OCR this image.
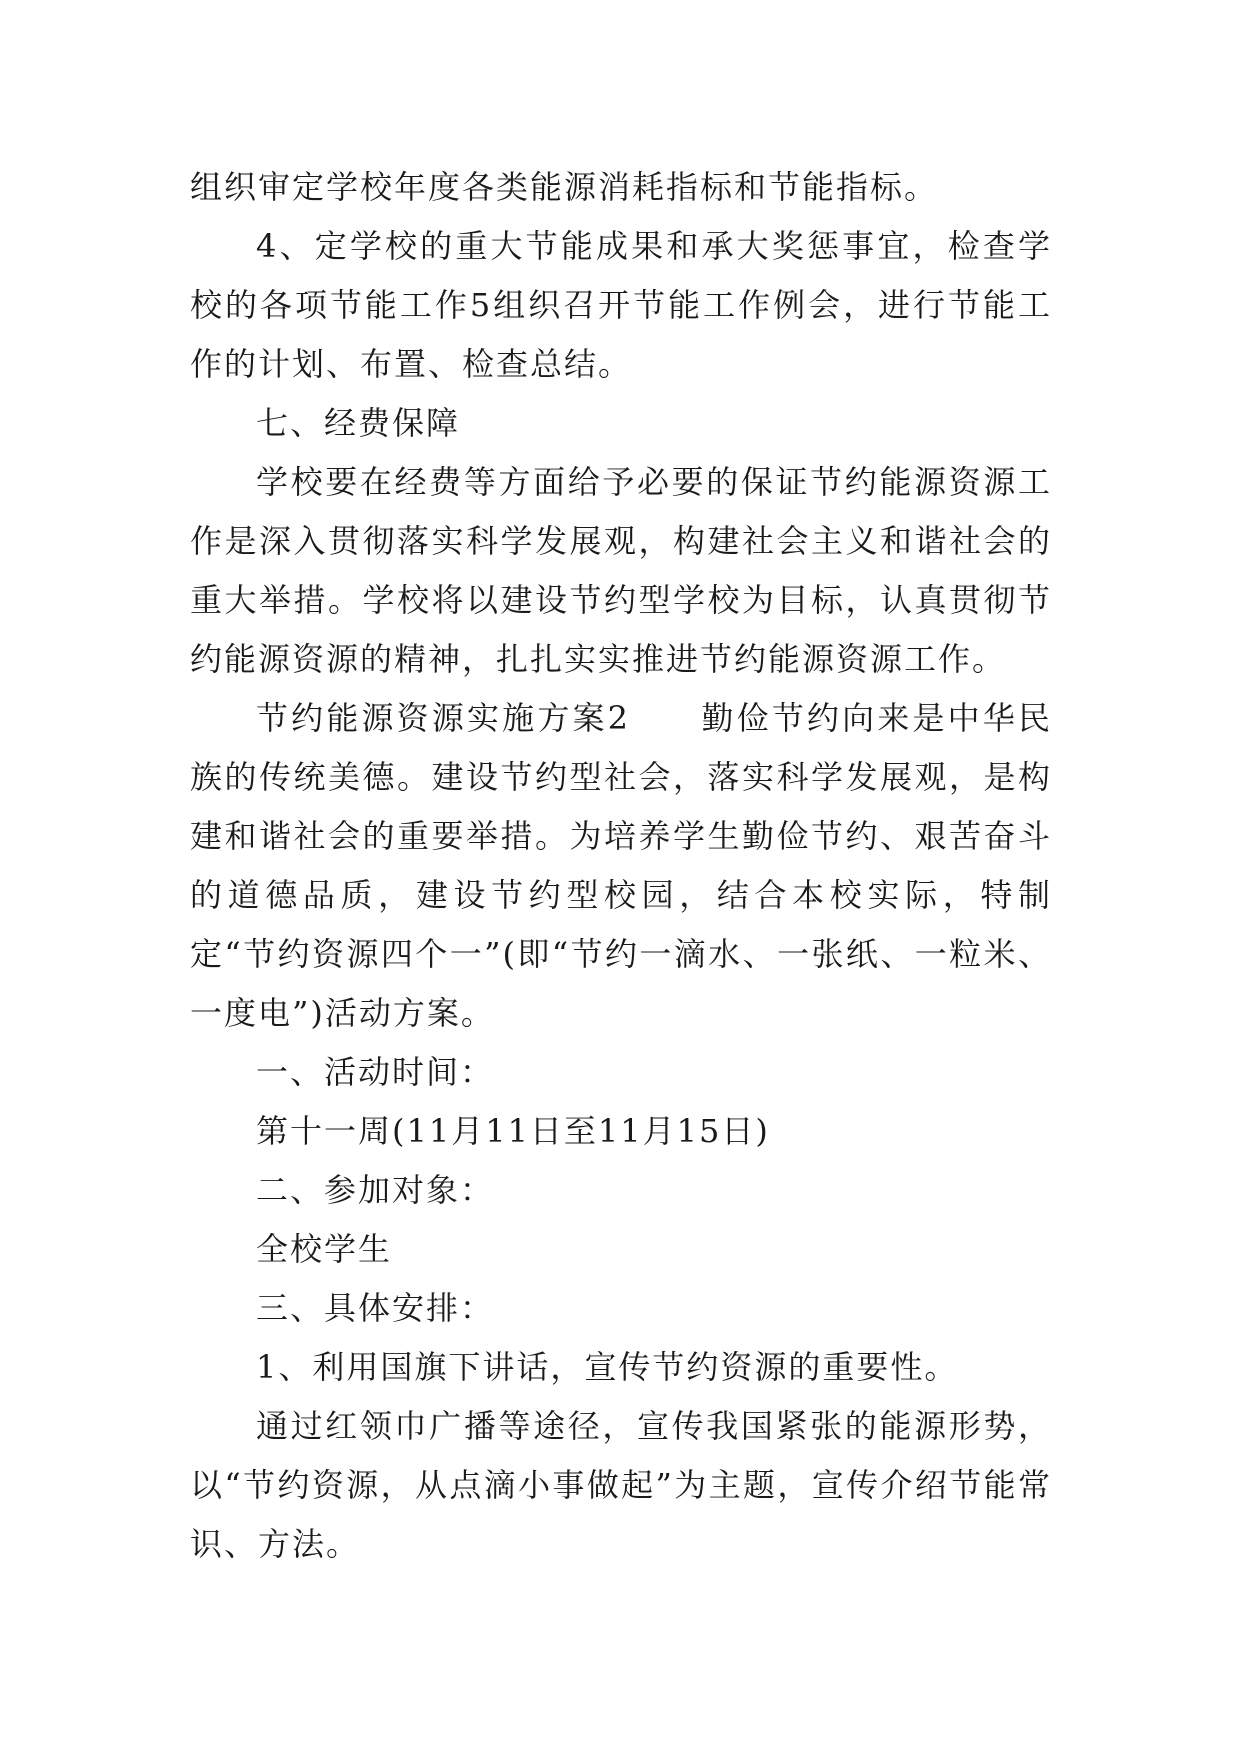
组织审定学校年度各类能源消耗指标和节能指标。

4、定学校的重大节能成果和承大奖惩事宜，检查学校的各项节能工作5组织召开节能工作例会，进行节能工作的计划、布置、检查总结。

七、经费保障

学校要在经费等方面给予必要的保证节约能源资源工作是深入贯彻落实科学发展观，构建社会主义和谐社会的重大举措。学校将以建设节约型学校为目标，认真贯彻节约能源资源的精神，扎扎实实推进节约能源资源工作。

节约能源资源实施方案2　　勤俭节约向来是中华民族的传统美德。建设节约型社会，落实科学发展观，是构建和谐社会的重要举措。为培养学生勤俭节约、艰苦奋斗的道德品质，建设节约型校园，结合本校实际，特制定“节约资源四个一”(即“节约一滴水、一张纸、一粒米、一度电”)活动方案。

一、活动时间：

第十一周(11月11日至11月15日)

二、参加对象：

全校学生

三、具体安排：

1、利用国旗下讲话，宣传节约资源的重要性。

通过红领巾广播等途径，宣传我国紧张的能源形势，以“节约资源，从点滴小事做起”为主题，宣传介绍节能常识、方法。
